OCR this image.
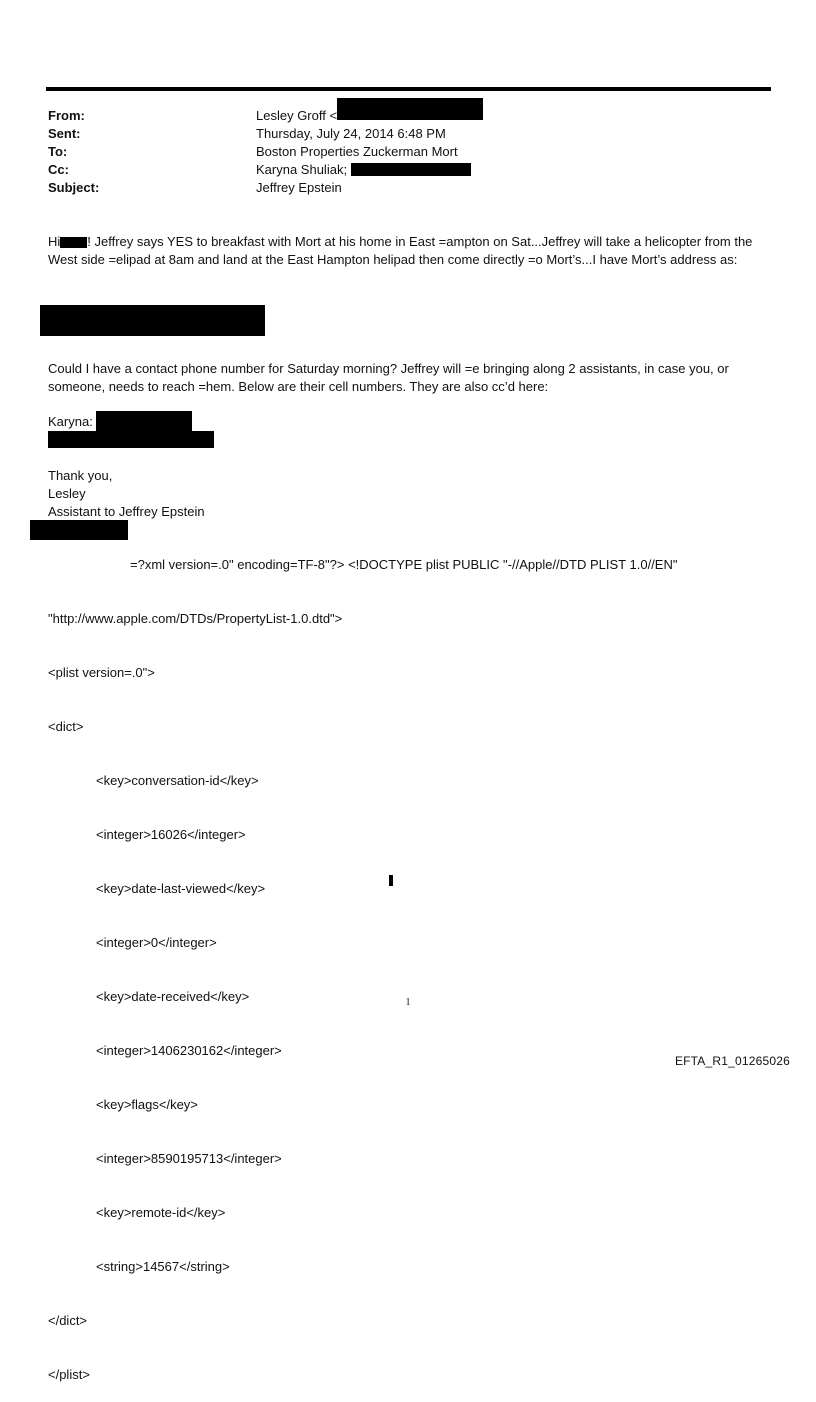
From:	Lesley Groff <
Sent:	Thursday, July 24, 2014 6:48 PM
To:	Boston Properties Zuckerman Mort
Cc:	Karyna Shuliak;
Subject:	Jeffrey Epstein

Hi ! Jeffrey says YES to breakfast with Mort at his home in East =ampton on Sat...Jeffrey will take a helicopter from the West side =elipad at 8am and land at the East Hampton helipad then come directly =o Mort’s...I have Mort’s address as:

Could I have a contact phone number for Saturday morning? Jeffrey will =e bringing along 2 assistants, in case you, or someone, needs to reach =hem. Below are their cell numbers. They are also cc’d here:

Karyna:
Thank you,
Lesley
Assistant to Jeffrey Epstein

=?xml version=.0" encoding=TF-8"?> <!DOCTYPE plist PUBLIC "-//Apple//DTD PLIST 1.0//EN"

"http://www.apple.com/DTDs/PropertyList-1.0.dtd">

<plist version=.0">

<dict>

<key>conversation-id</key>

<integer>16026</integer>

<key>date-last-viewed</key>

<integer>0</integer>

<key>date-received</key>

<integer>1406230162</integer>

<key>flags</key>

<integer>8590195713</integer>

<key>remote-id</key>

<string>14567</string>

</dict>

</plist>

1
EFTA_R1_01265026
